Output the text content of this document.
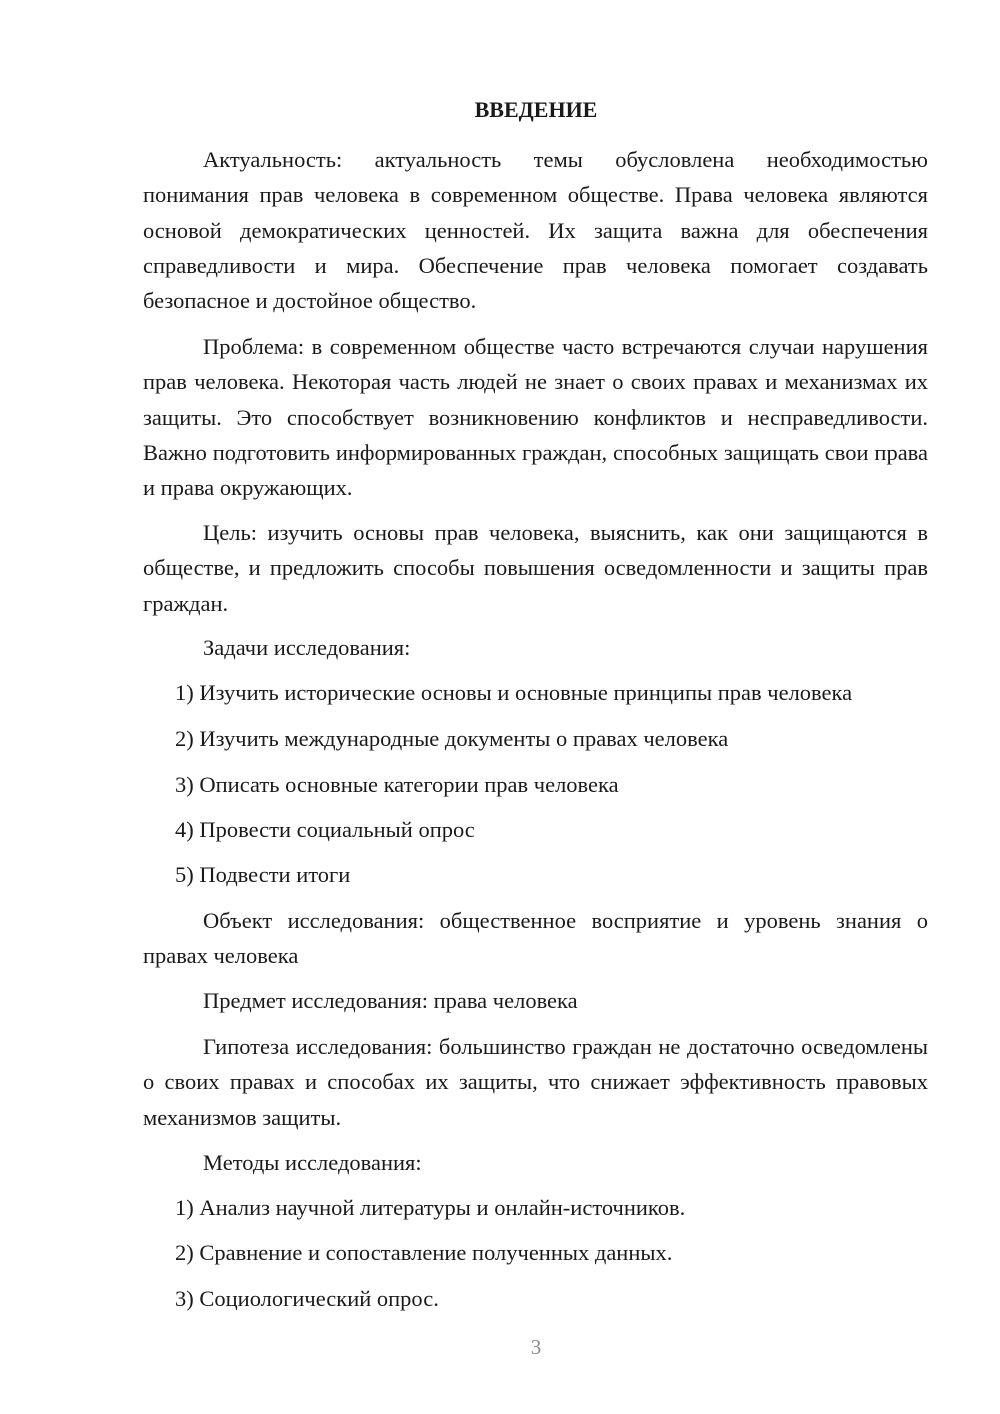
ВВЕДЕНИЕ

Актуальность: актуальность темы обусловлена необходимостью понимания прав человека в современном обществе. Права человека являются основой демократических ценностей. Их защита важна для обеспечения справедливости и мира. Обеспечение прав человека помогает создавать безопасное и достойное общество.

Проблема: в современном обществе часто встречаются случаи нарушения прав человека. Некоторая часть людей не знает о своих правах и механизмах их защиты. Это способствует возникновению конфликтов и несправедливости. Важно подготовить информированных граждан, способных защищать свои права и права окружающих.

Цель: изучить основы прав человека, выяснить, как они защищаются в обществе, и предложить способы повышения осведомленности и защиты прав граждан.

Задачи исследования:

1) Изучить исторические основы и основные принципы прав человека

2) Изучить международные документы о правах человека

3) Описать основные категории прав человека

4) Провести социальный опрос

5) Подвести итоги

Объект исследования: общественное восприятие и уровень знания о правах человека

Предмет исследования: права человека

Гипотеза исследования: большинство граждан не достаточно осведомлены о своих правах и способах их защиты, что снижает эффективность правовых механизмов защиты.

Методы исследования:

1) Анализ научной литературы и онлайн-источников.

2) Сравнение и сопоставление полученных данных.

3) Социологический опрос.

3
